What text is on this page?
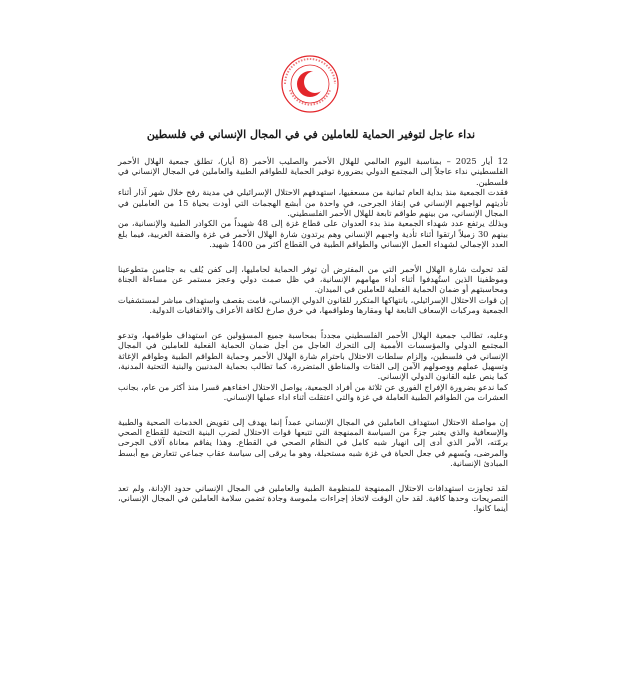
نداء عاجل لتوفير الحماية للعاملين في في المجال الإنساني في فلسطين

12 أيار 2025 – بمناسبة اليوم العالمي للهلال الأحمر والصليب الأحمر (8 أيار)، تطلق جمعية الهلال الأحمر الفلسطيني نداء عاجلاً إلى المجتمع الدولي بضرورة توفير الحماية للطواقم الطبية والعاملين في المجال الإنساني في فلسطين.

فقدت الجمعية منذ بداية العام ثمانية من مسعفيها، استهدفهم الاحتلال الإسرائيلي في مدينة رفح خلال شهر آذار أثناء تأديتهم لواجبهم الإنساني في إنقاذ الجرحى، في واحدة من أبشع الهجمات التي أودت بحياة 15 من العاملين في المجال الإنساني، من بينهم طواقم تابعة للهلال الأحمر الفلسطيني.

وبذلك يرتفع عدد شهداء الجمعية منذ بدء العدوان على قطاع غزة إلى 48 شهيداً من الكوادر الطبية والإنسانية، من بينهم 30 زميلاً ارتقوا أثناء تأدية واجبهم الإنساني وهم يرتدون شارة الهلال الأحمر في غزة والضفة الغربية، فيما بلغ العدد الإجمالي لشهداء العمل الإنساني والطواقم الطبية في القطاع أكثر من 1400 شهيد.

لقد تحولت شارة الهلال الأحمر التي من المفترض أن توفر الحماية لحامليها، إلى كفن يُلف به جثامين متطوعينا وموظفينا الذين استُهدفوا أثناء أداء مهامهم الإنسانية، في ظل صمت دولي وعجز مستمر عن مساءلة الجناة ومحاسبتهم أو ضمان الحماية الفعلية للعاملين في الميدان.

إن قوات الاحتلال الإسرائيلي، بانتهاكها المتكرر للقانون الدولي الإنساني، قامت بقصف واستهداف مباشر لمستشفيات الجمعية ومركبات الإسعاف التابعة لها ومقارها وطواقمها، في خرق صارخ لكافة الأعراف والاتفاقيات الدولية.

وعليه، تطالب جمعية الهلال الأحمر الفلسطيني مجدداً بمحاسبة جميع المسؤولين عن استهداف طواقمها، وتدعو المجتمع الدولي والمؤسسات الأممية إلى التحرك العاجل من أجل ضمان الحماية الفعلية للعاملين في المجال الإنساني في فلسطين، وإلزام سلطات الاحتلال باحترام شارة الهلال الأحمر وحماية الطواقم الطبية وطواقم الإغاثة وتسهيل عملهم ووصولهم الآمن إلى الفئات والمناطق المتضررة، كما تطالب بحماية المدنيين والبنية التحتية المدنية، كما ينص عليه القانون الدولي الإنساني.

كما ندعو بضرورة الإفراج الفوري عن ثلاثة من أفراد الجمعية، يواصل الاحتلال اخفاءهم قسرا منذ أكثر من عام، بجانب العشرات من الطواقم الطبية العاملة في غزة والتي اعتقلت أثناء اداء عملها الإنساني.

إن مواصلة الاحتلال استهداف العاملين في المجال الإنساني عمداً إنما يهدف إلى تقويض الخدمات الصحية والطبية والإسعافية والذي يعتبر جزءً من السياسة الممنهجة التي تتبعها قوات الاحتلال لضرب البنية التحتية للقطاع الصحي برمّته، الأمر الذي أدى إلى انهيار شبه كامل في النظام الصحي في القطاع. وهذا يفاقم معاناة آلاف الجرحى والمرضى، ويُسهم في جعل الحياة في غزة شبه مستحيلة، وهو ما يرقى إلى سياسة عقاب جماعي تتعارض مع أبسط المبادئ الإنسانية.

لقد تجاوزت استهدافات الاحتلال الممنهجة للمنظومة الطبية والعاملين في المجال الإنساني حدود الإدانة، ولم تعد التصريحات وحدها كافية. لقد حان الوقت لاتخاذ إجراءات ملموسة وجادة تضمن سلامة العاملين في المجال الإنساني، أينما كانوا.
